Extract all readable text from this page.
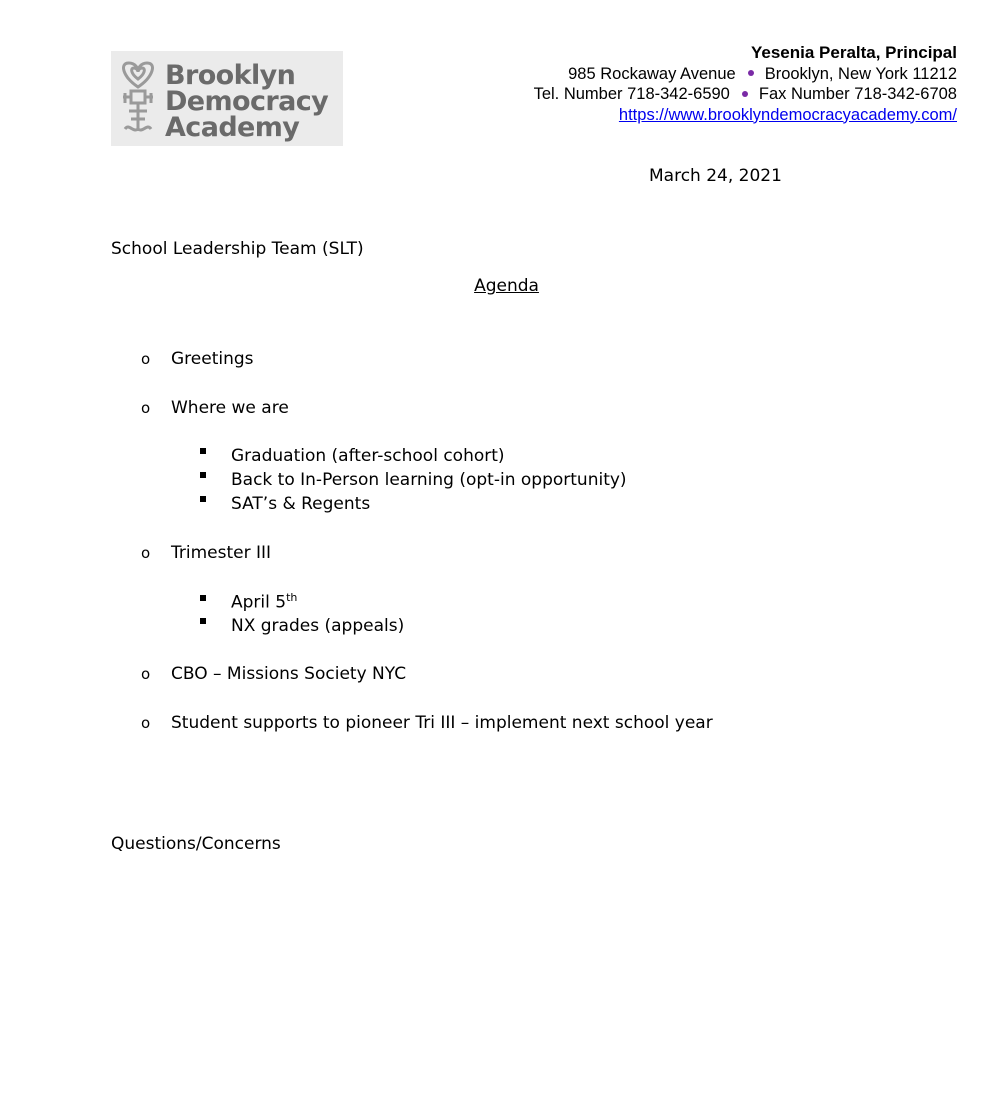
Brooklyn
Democracy
Academy
Yesenia Peralta, Principal
985 Rockaway Avenue Brooklyn, New York 11212
Tel. Number 718-342-6590 Fax Number 718-342-6708
https://www.brooklyndemocracyacademy.com/
March 24, 2021
School Leadership Team (SLT)
Agenda
o Greetings
o Where we are
Graduation (after-school cohort)
Back to In-Person learning (opt-in opportunity)
SAT’s & Regents
o Trimester III
April 5th
NX grades (appeals)
o CBO – Missions Society NYC
o Student supports to pioneer Tri III – implement next school year
Questions/Concerns
